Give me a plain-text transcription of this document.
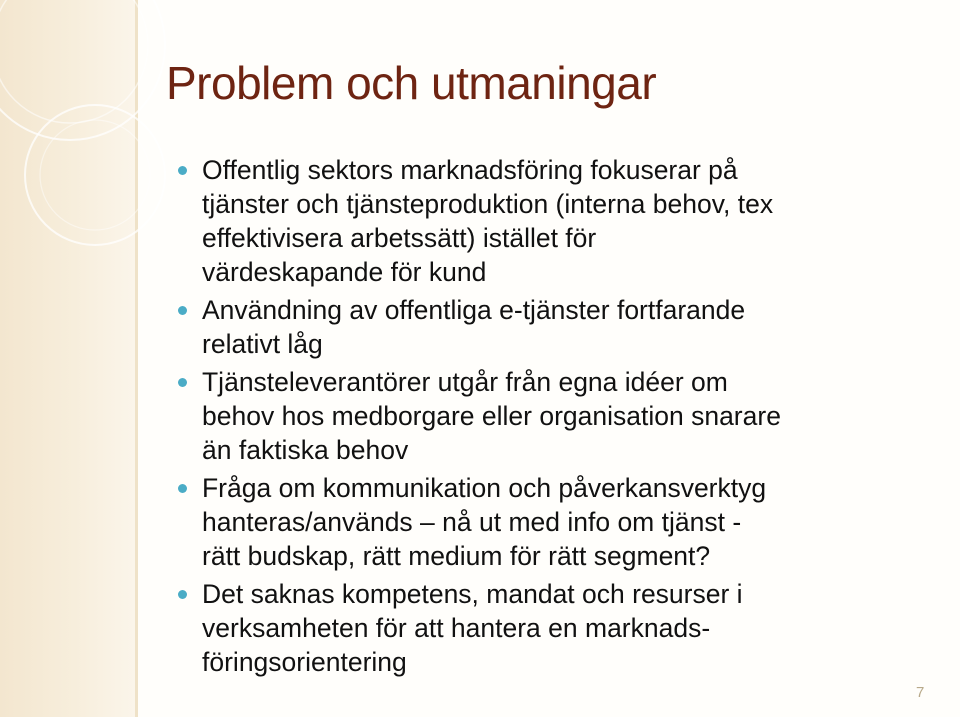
Problem och utmaningar
Offentlig sektors marknadsföring fokuserar på
tjänster och tjänsteproduktion (interna behov, tex
effektivisera arbetssätt) istället för
värdeskapande för kund
Användning av offentliga e-tjänster fortfarande
relativt låg
Tjänsteleverantörer utgår från egna idéer om
behov hos medborgare eller organisation snarare
än faktiska behov
Fråga om kommunikation och påverkansverktyg
hanteras/används – nå ut med info om tjänst -
rätt budskap, rätt medium för rätt segment?
Det saknas kompetens, mandat och resurser i
verksamheten för att hantera en marknads-
föringsorientering
7
